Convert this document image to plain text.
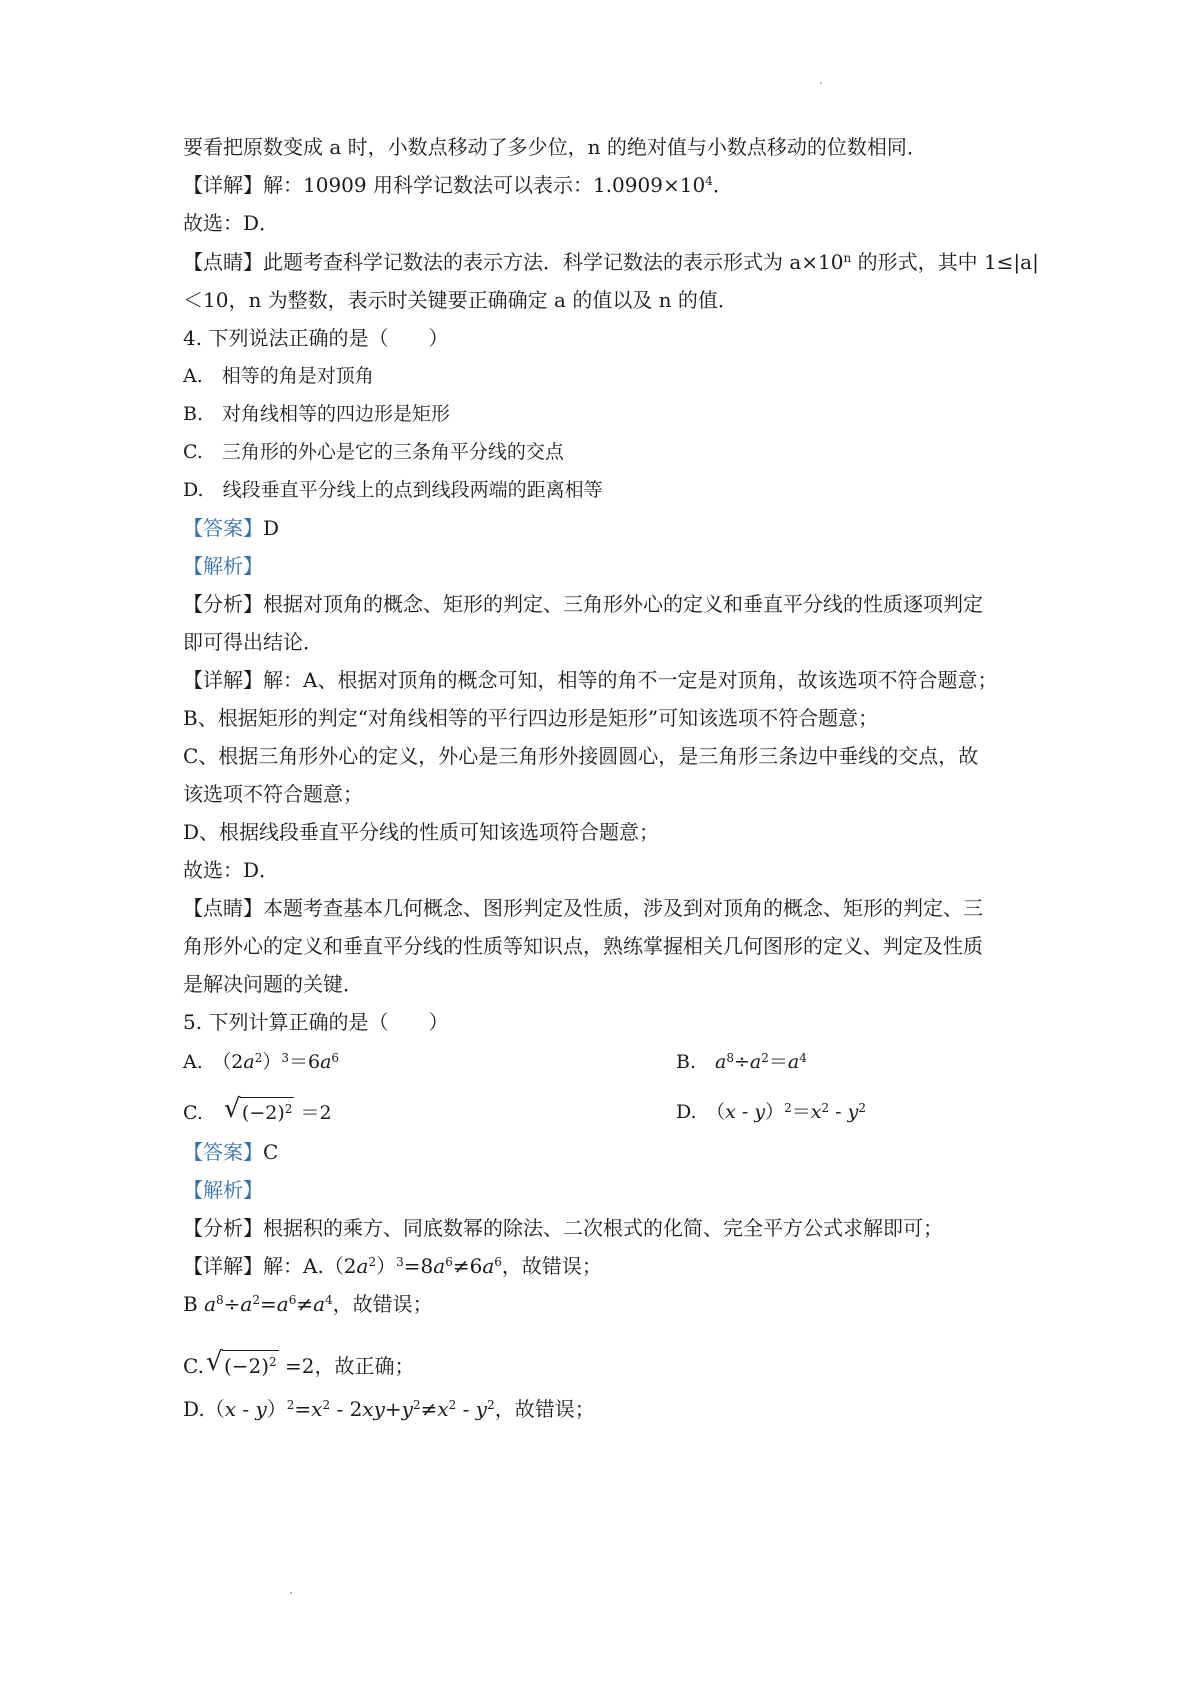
要看把原数变成 a 时，小数点移动了多少位，n 的绝对值与小数点移动的位数相同．
【详解】解：10909 用科学记数法可以表示：$1.0909\times 10^4$．
故选：D．
【点睛】此题考查科学记数法的表示方法．科学记数法的表示形式为 $a\times 10^n$ 的形式，其中 1≤|a|
＜10，n 为整数，表示时关键要正确确定 a 的值以及 n 的值．
4. 下列说法正确的是（　　）
A.　相等的角是对顶角
B.　对角线相等的四边形是矩形
C.　三角形的外心是它的三条角平分线的交点
D.　线段垂直平分线上的点到线段两端的距离相等
【答案】D
【解析】
【分析】根据对顶角的概念、矩形的判定、三角形外心的定义和垂直平分线的性质逐项判定
即可得出结论．
【详解】解：A、根据对顶角的概念可知，相等的角不一定是对顶角，故该选项不符合题意；
B、根据矩形的判定“对角线相等的平行四边形是矩形”可知该选项不符合题意；
C、根据三角形外心的定义，外心是三角形外接圆圆心，是三角形三条边中垂线的交点，故
该选项不符合题意；
D、根据线段垂直平分线的性质可知该选项符合题意；
故选：D．
【点睛】本题考查基本几何概念、图形判定及性质，涉及到对顶角的概念、矩形的判定、三
角形外心的定义和垂直平分线的性质等知识点，熟练掌握相关几何图形的定义、判定及性质
是解决问题的关键．
5. 下列计算正确的是（　　）
A.　$(2a^2)^3=6a^6$	B.　 $a^8\div a^2=a^4$
C.　 √ $(-2)^2 =2$	D.　$(x - y)^2=x^2 - y^2$
【答案】C
【解析】
【分析】根据积的乘方、同底数幂的除法、二次根式的化简、完全平方公式求解即可；
【详解】解：$A.(2a^2)^3=8a^6\ne 6a^6$，故错误；
B $a^8\div a^2=a^6\ne a^4$，故错误；
C. √ $(-2)^2 =2$，故正确；
$D.(x - y)^2=x^2 - 2xy+y^2\ne x^2 - y^2$，故错误；
